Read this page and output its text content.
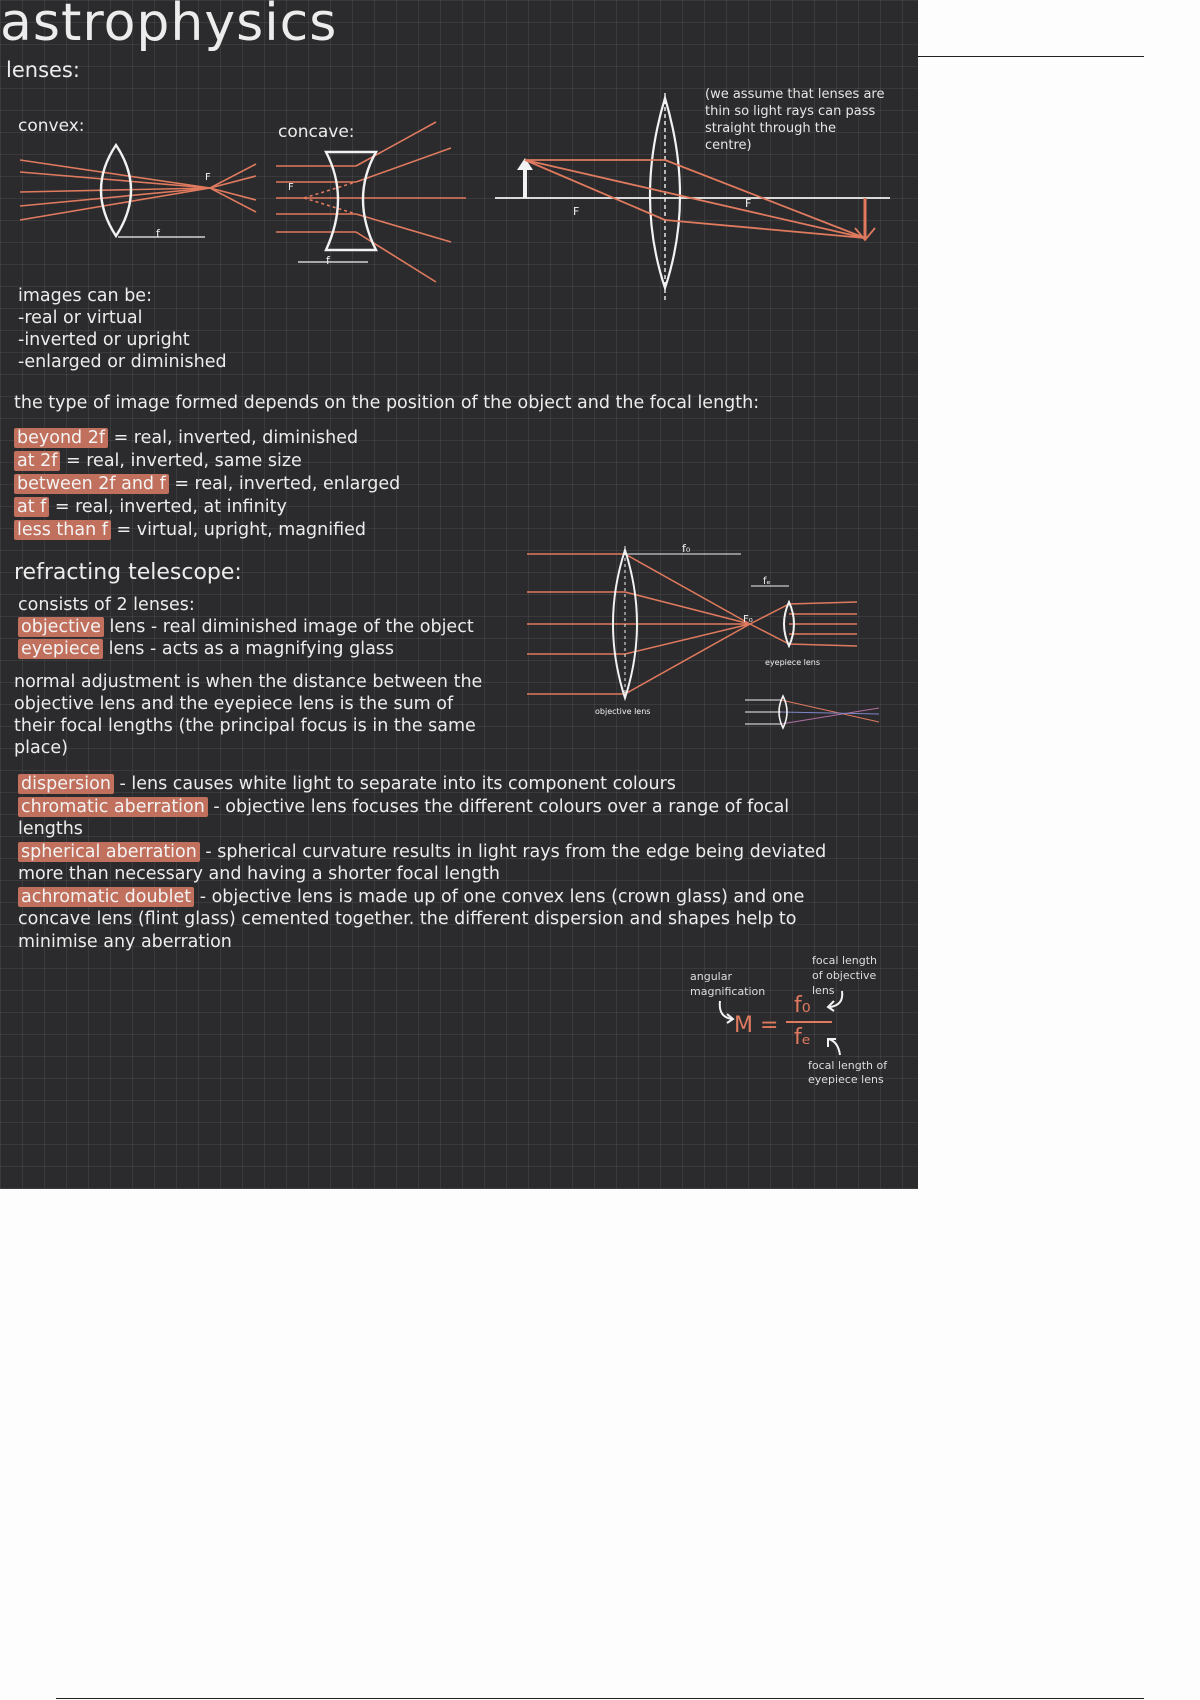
astrophysics
lenses:
convex:	concave:
F
f
F
f
F
F
(we assume that lenses are
thin so light rays can pass
straight through the
centre)
images can be:
-real or virtual
-inverted or upright
-enlarged or diminished
the type of image formed depends on the position of the object and the focal length:
beyond 2f = real, inverted, diminished
at 2f = real, inverted, same size
between 2f and f = real, inverted, enlarged
at f = real, inverted, at infinity
less than f = virtual, upright, magnified
refracting telescope:
consists of 2 lenses:
objective lens - real diminished image of the object
eyepiece lens - acts as a magnifying glass
normal adjustment is when the distance between the
objective lens and the eyepiece lens is the sum of
their focal lengths (the principal focus is in the same
place)
f₀
fₑ
F₀
eyepiece lens
objective lens
dispersion - lens causes white light to separate into its component colours
chromatic aberration - objective lens focuses the different colours over a range of focal
lengths
spherical aberration - spherical curvature results in light rays from the edge being deviated
more than necessary and having a shorter focal length
achromatic doublet - objective lens is made up of one convex lens (crown glass) and one
concave lens (flint glass) cemented together. the different dispersion and shapes help to
minimise any aberration
angular
magnification
focal length
of objective
lens
M =
f₀
fₑ
focal length of
eyepiece lens
